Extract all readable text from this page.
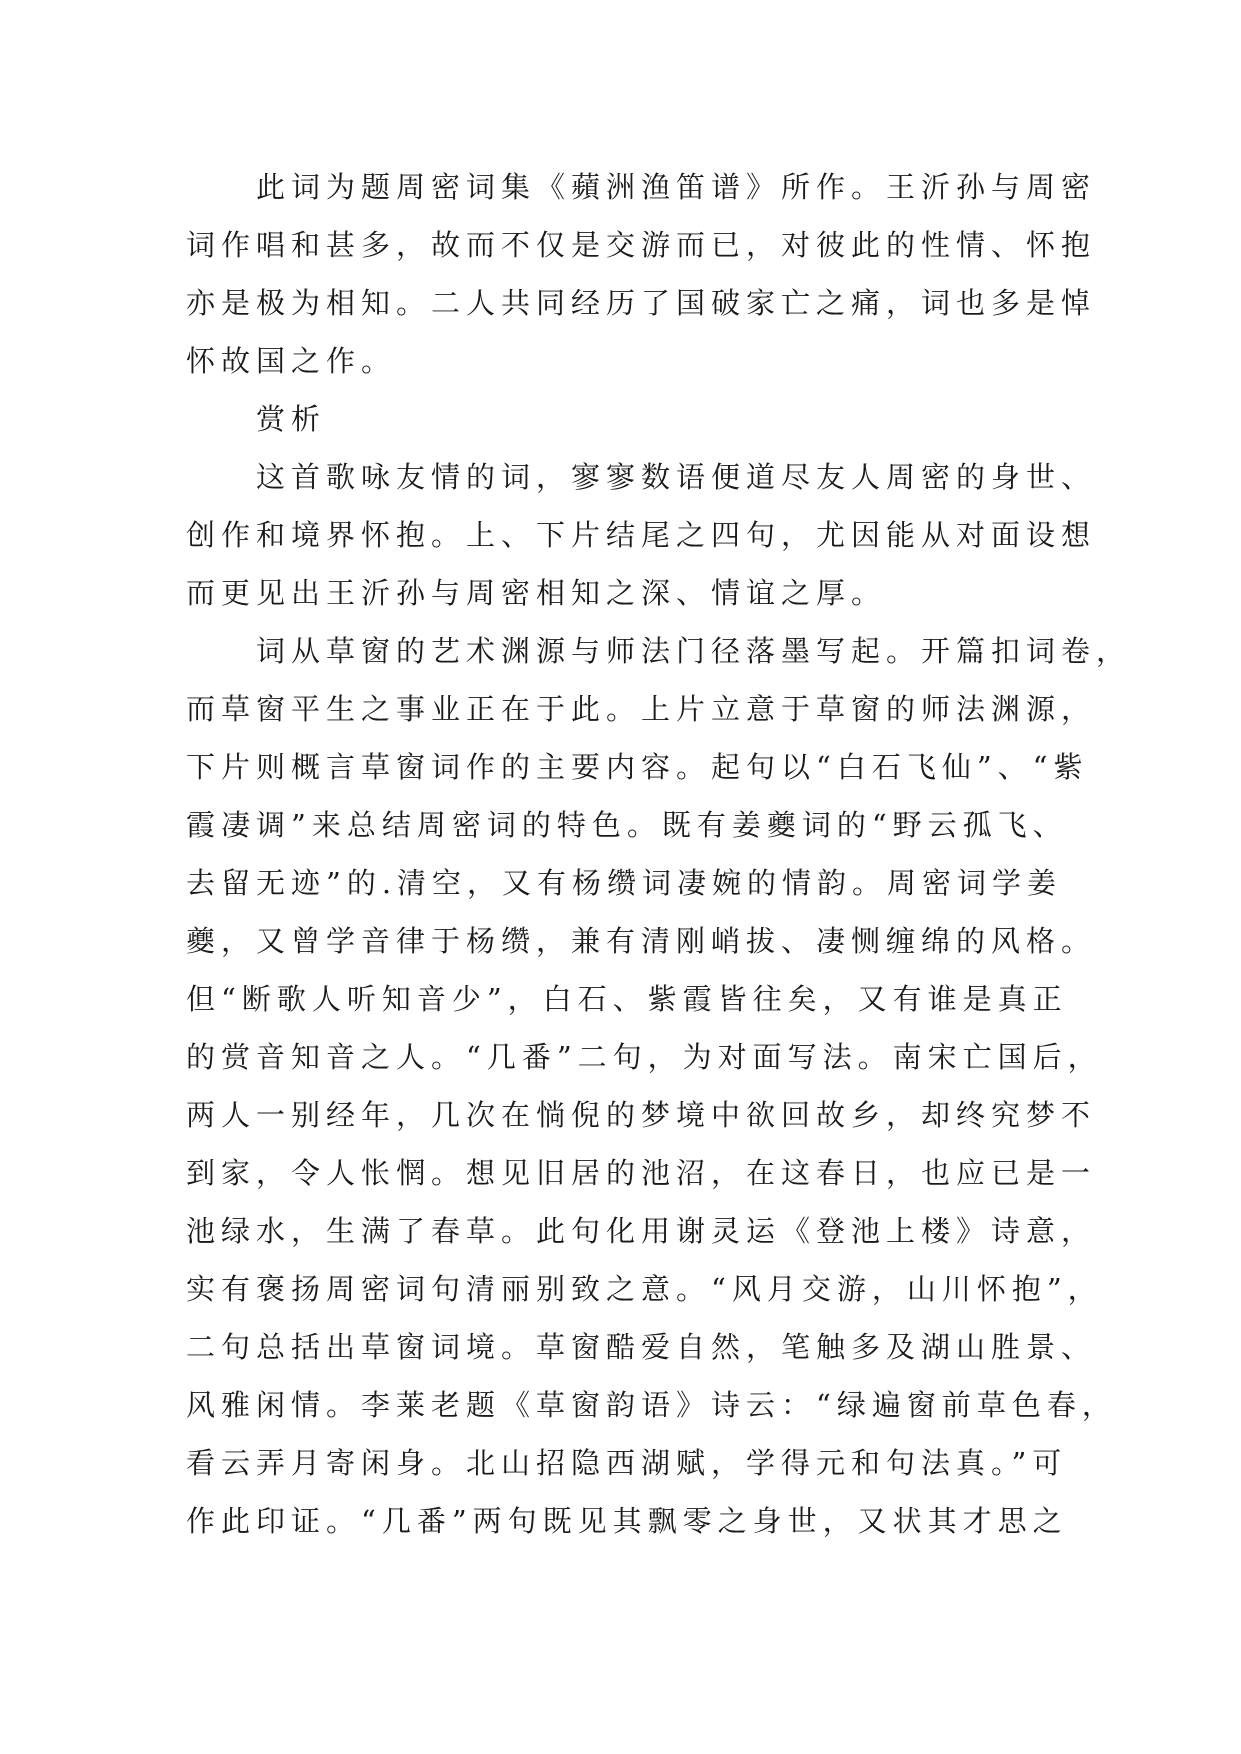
此词为题周密词集《蘋洲渔笛谱》所作。王沂孙与周密
词作唱和甚多，故而不仅是交游而已，对彼此的性情、怀抱
亦是极为相知。二人共同经历了国破家亡之痛，词也多是悼
怀故国之作。
赏析
这首歌咏友情的词，寥寥数语便道尽友人周密的身世、
创作和境界怀抱。上、下片结尾之四句，尤因能从对面设想
而更见出王沂孙与周密相知之深、情谊之厚。
词从草窗的艺术渊源与师法门径落墨写起。开篇扣词卷，
而草窗平生之事业正在于此。上片立意于草窗的师法渊源，
下片则概言草窗词作的主要内容。起句以“白石飞仙”、“紫
霞凄调”来总结周密词的特色。既有姜夔词的“野云孤飞、
去留无迹”的.清空，又有杨缵词凄婉的情韵。周密词学姜
夔，又曾学音律于杨缵，兼有清刚峭拔、凄恻缠绵的风格。
但“断歌人听知音少”，白石、紫霞皆往矣，又有谁是真正
的赏音知音之人。“几番”二句，为对面写法。南宋亡国后，
两人一别经年，几次在惝倪的梦境中欲回故乡，却终究梦不
到家，令人怅惘。想见旧居的池沼，在这春日，也应已是一
池绿水，生满了春草。此句化用谢灵运《登池上楼》诗意，
实有褒扬周密词句清丽别致之意。“风月交游，山川怀抱”，
二句总括出草窗词境。草窗酷爱自然，笔触多及湖山胜景、
风雅闲情。李莱老题《草窗韵语》诗云：“绿遍窗前草色春，
看云弄月寄闲身。北山招隐西湖赋，学得元和句法真。”可
作此印证。“几番”两句既见其飘零之身世，又状其才思之
